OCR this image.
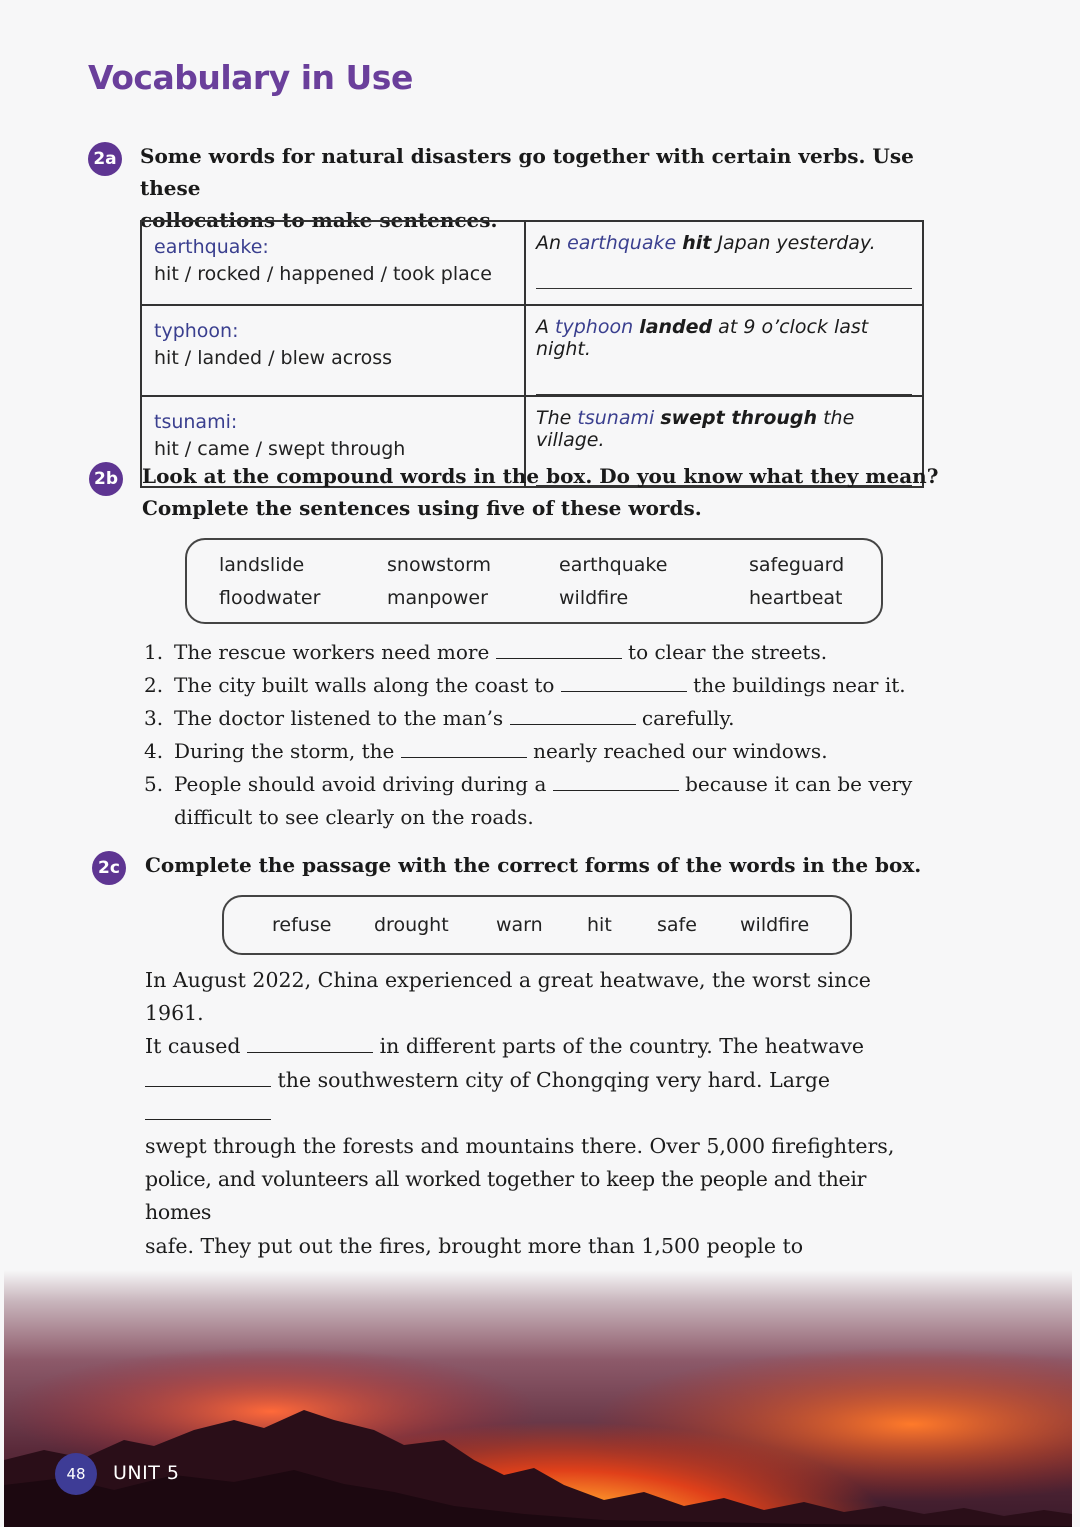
Vocabulary in Use
2a Some words for natural disasters go together with certain verbs. Use these
collocations to make sentences.
earthquake:
hit / rocked / happened / took place	An earthquake hit Japan yesterday.

typhoon:
hit / landed / blew across	A typhoon landed at 9 o’clock last night.

tsunami:
hit / came / swept through	The tsunami swept through the village.
2b Look at the compound words in the box. Do you know what they mean?
Complete the sentences using five of these words.
landslide	snowstorm	earthquake	safeguard
floodwater	manpower	wildfire	heartbeat
1. The rescue workers need more	to clear the streets.
2. The city built walls along the coast to	the buildings near it.
3. The doctor listened to the man’s	carefully.
4. During the storm, the	nearly reached our windows.
5. People should avoid driving during a	because it can be very
difficult to see clearly on the roads.
2c	Complete the passage with the correct forms of the words in the box.
refuse drought warn hit safe wildfire

In August 2022, China experienced a great heatwave, the worst since 1961.

It caused	in different parts of the country. The heatwave

the southwestern city of Chongqing very hard. Large

swept through the forests and mountains there. Over 5,000 firefighters,

police, and volunteers all worked together to keep the people and their homes

safe. They put out the fires, brought more than 1,500 people to

48	UNIT 5
